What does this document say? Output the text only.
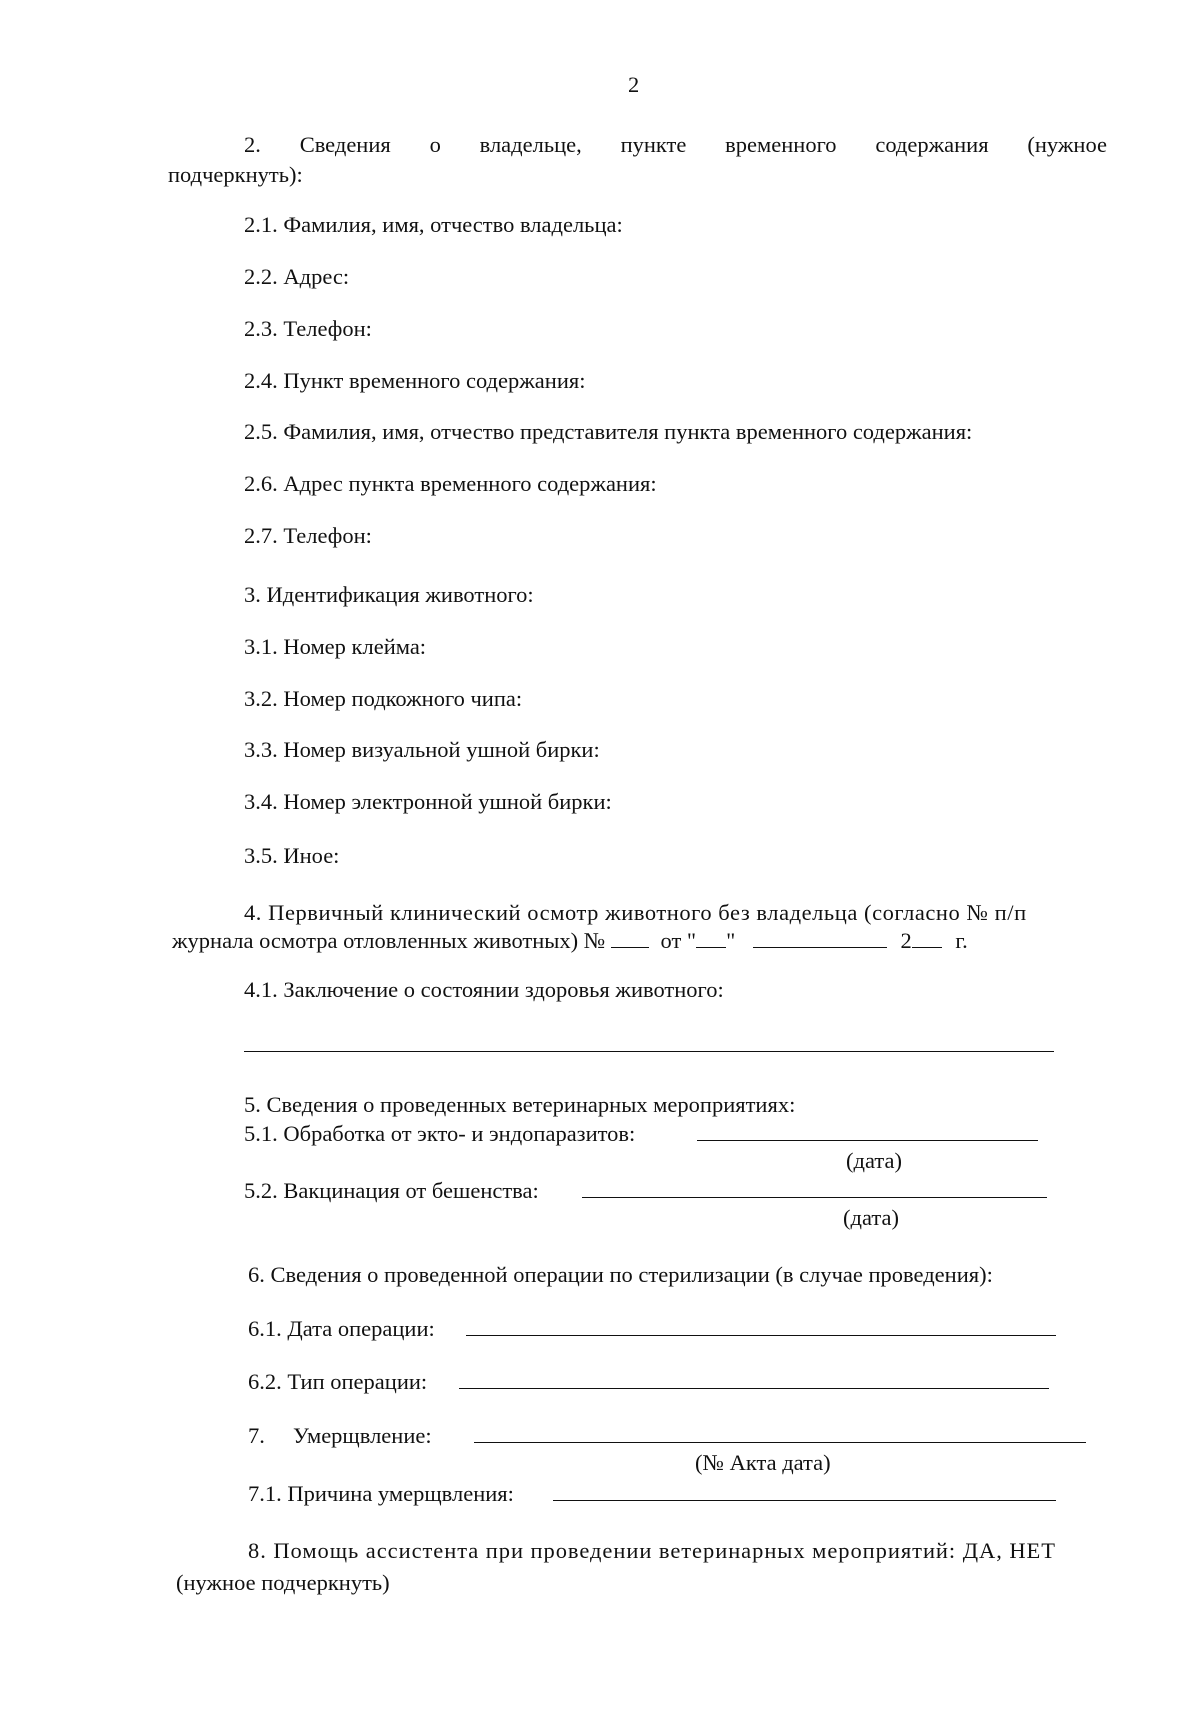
2
2. Сведения о владельце, пункте временного содержания (нужное
подчеркнуть):
2.1. Фамилия, имя, отчество владельца:
2.2. Адрес:
2.3. Телефон:
2.4. Пункт временного содержания:
2.5. Фамилия, имя, отчество представителя пункта временного содержания:
2.6. Адрес пункта временного содержания:
2.7. Телефон:
3. Идентификация животного:
3.1. Номер клейма:
3.2. Номер подкожного чипа:
3.3. Номер визуальной ушной бирки:
3.4. Номер электронной ушной бирки:
3.5. Иное:
4. Первичный клинический осмотр животного без владельца (согласно № п/п
журнала осмотра отловленных животных) № от " "	2 г.
4.1. Заключение о состоянии здоровья животного:
5. Сведения о проведенных ветеринарных мероприятиях:
5.1. Обработка от экто- и эндопаразитов:
(дата)
5.2. Вакцинация от бешенства:
(дата)
6. Сведения о проведенной операции по стерилизации (в случае проведения):
6.1. Дата операции:
6.2. Тип операции:
7. Умерщвление:
(№ Акта дата)
7.1. Причина умерщвления:
8. Помощь ассистента при проведении ветеринарных мероприятий: ДА, НЕТ
(нужное подчеркнуть)
